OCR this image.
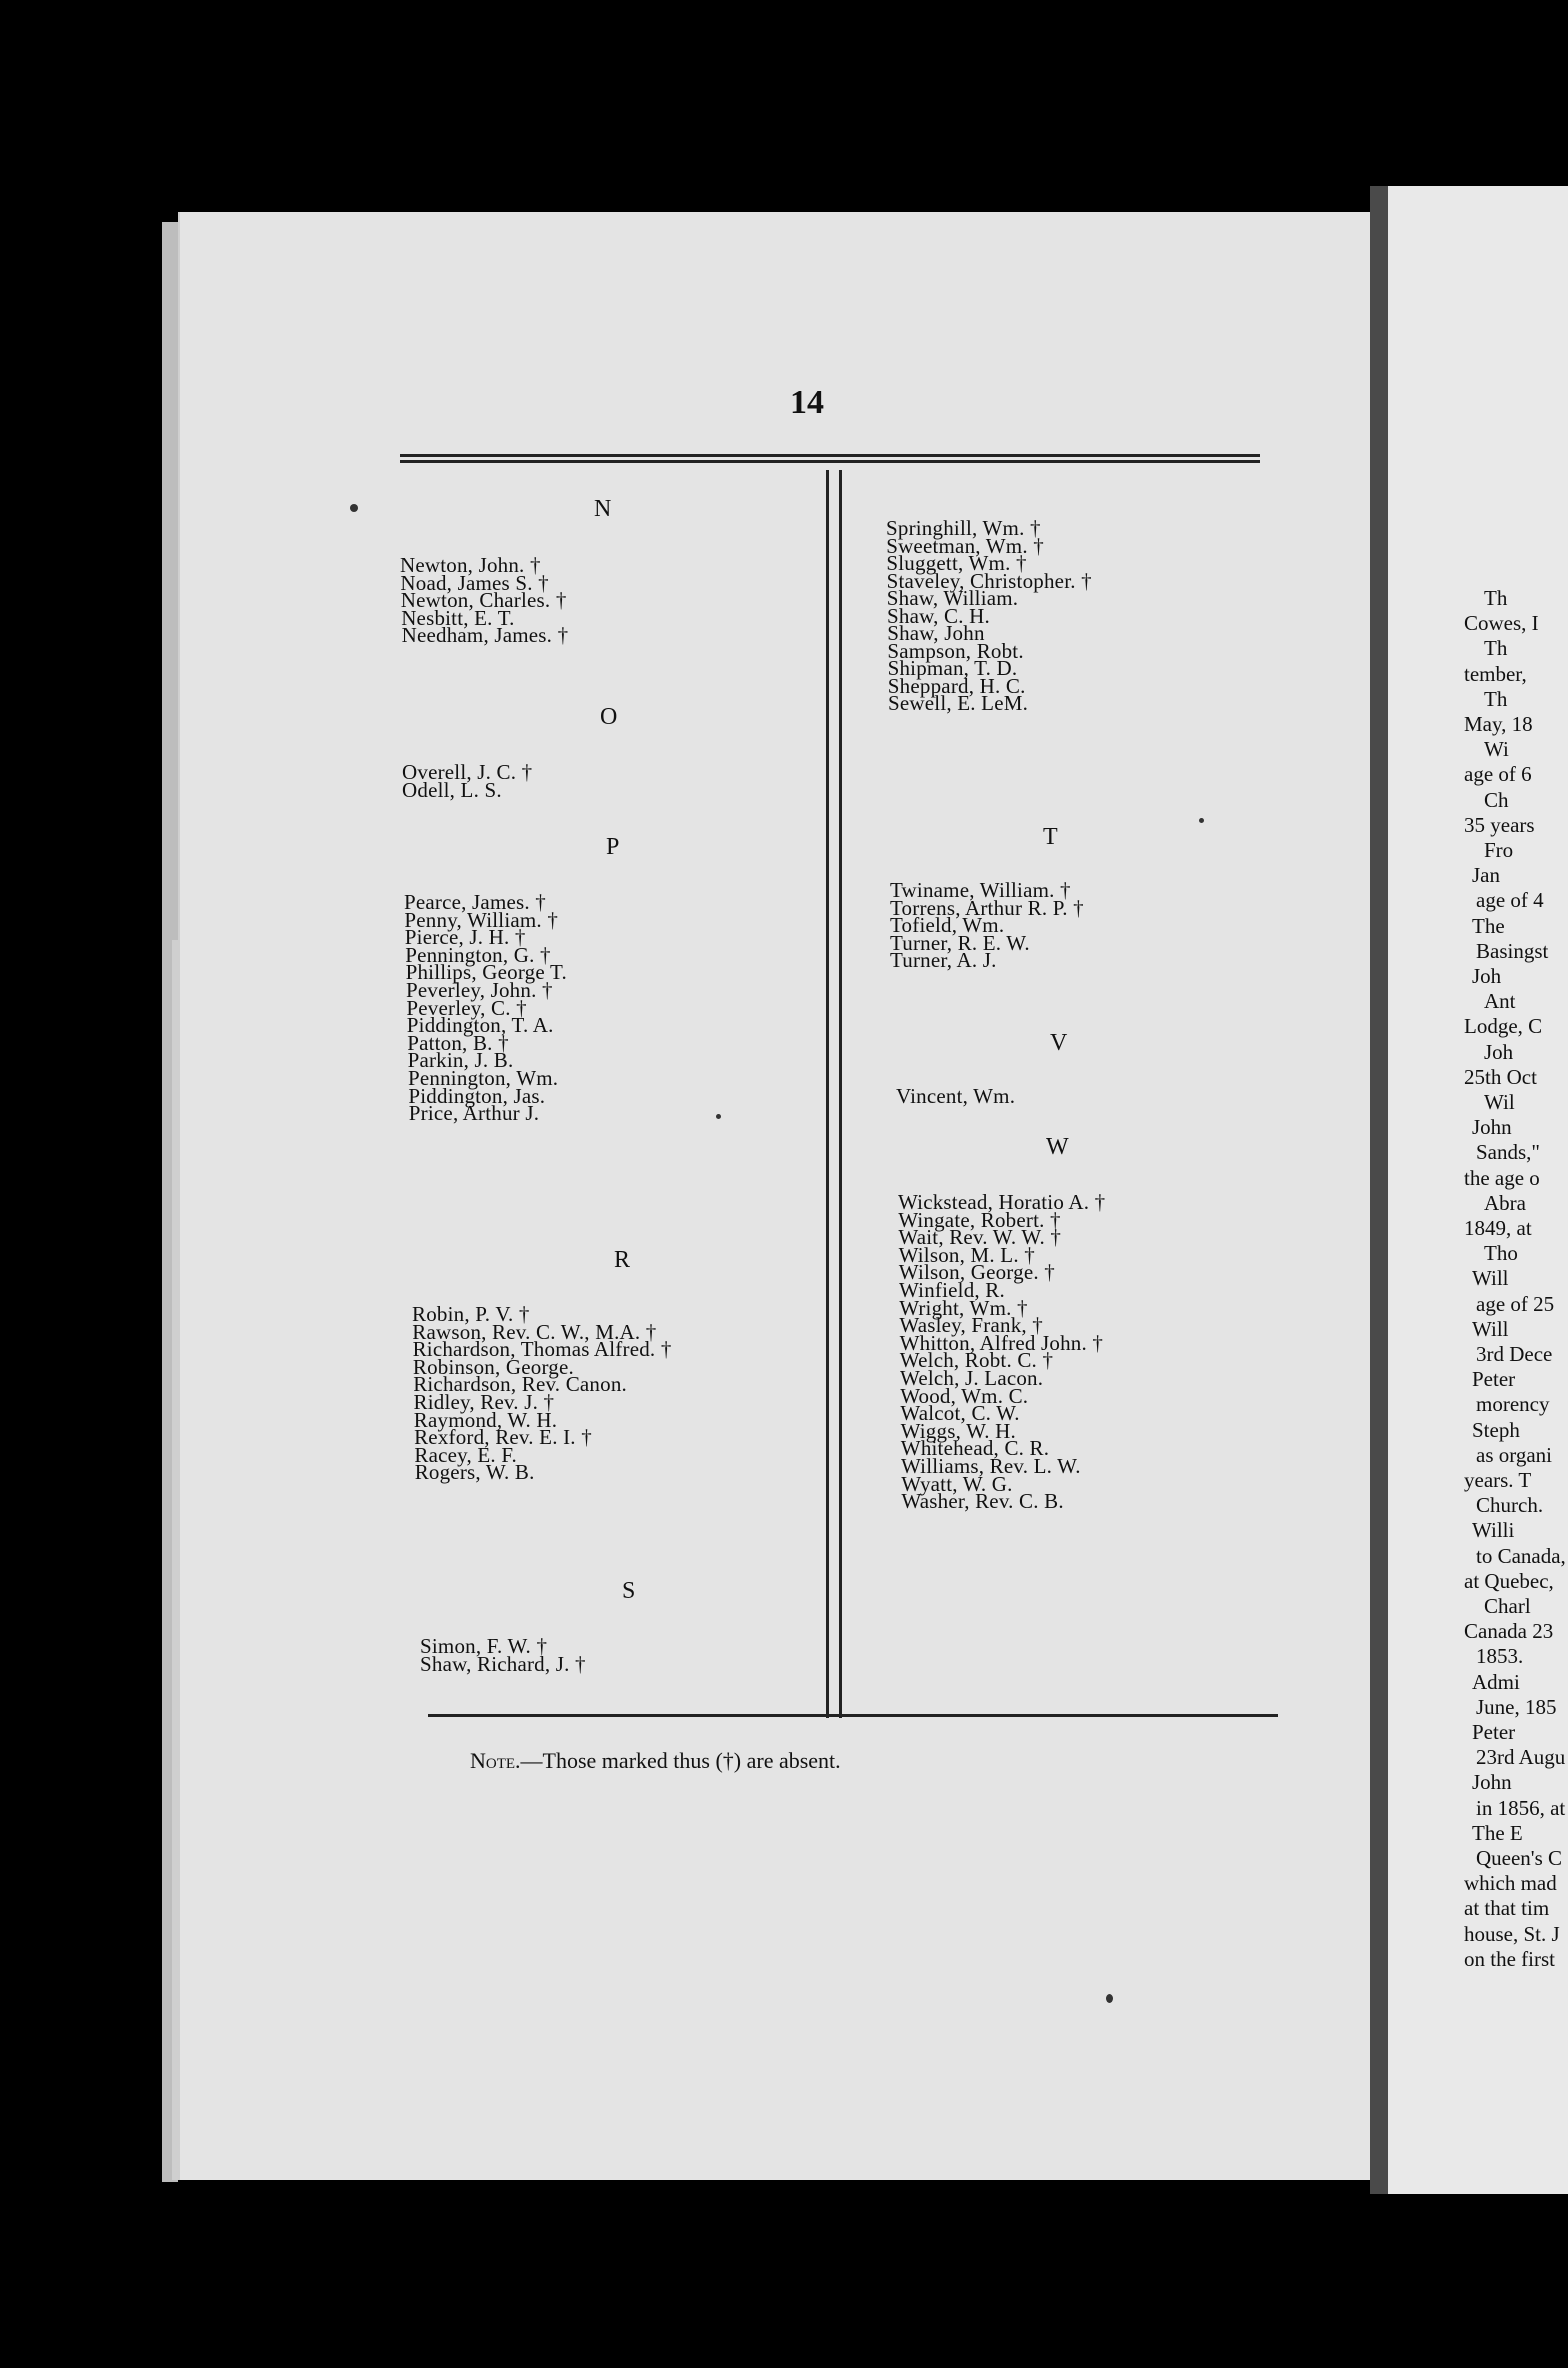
Th
Cowes, I
Th
tember,
Th
May, 18
Wi
age of 6
Ch
35 years
Fro
Jan
age of 4
The
Basingst
Joh
Ant
Lodge, C
Joh
25th Oct
Wil
John
Sands,"
the age o
Abra
1849, at
Tho
Will
age of 25
Will
3rd Dece
Peter
morency
Steph
as organi
years. T
Church.
Willi
to Canada,
at Quebec,
Charl
Canada 23
1853.
Admi
June, 185
Peter
23rd Augu
John
in 1856, at
The E
Queen's C
which mad
at that tim
house, St. J
on the first
14
N
Newton, John. †
Noad, James S. †
Newton, Charles. †
Nesbitt, E. T.
Needham, James. †
O
Overell, J. C. †
Odell, L. S.
P
Pearce, James. †
Penny, William. †
Pierce, J. H. †
Pennington, G. †
Phillips, George T.
Peverley, John. †
Peverley, C. †
Piddington, T. A.
Patton, B. †
Parkin, J. B.
Pennington, Wm.
Piddington, Jas.
Price, Arthur J.
R
Robin, P. V. †
Rawson, Rev. C. W., M.A. †
Richardson, Thomas Alfred. †
Robinson, George.
Richardson, Rev. Canon.
Ridley, Rev. J. †
Raymond, W. H.
Rexford, Rev. E. I. †
Racey, E. F.
Rogers, W. B.
S
Simon, F. W. †
Shaw, Richard, J. †
Springhill, Wm. †
Sweetman, Wm. †
Sluggett, Wm. †
Staveley, Christopher. †
Shaw, William.
Shaw, C. H.
Shaw, John
Sampson, Robt.
Shipman, T. D.
Sheppard, H. C.
Sewell, E. LeM.
T
Twiname, William. †
Torrens, Arthur R. P. †
Tofield, Wm.
Turner, R. E. W.
Turner, A. J.
V
Vincent, Wm.
W
Wickstead, Horatio A. †
Wingate, Robert. †
Wait, Rev. W. W. †
Wilson, M. L. †
Wilson, George. †
Winfield, R.
Wright, Wm. †
Wasley, Frank, †
Whitton, Alfred John. †
Welch, Robt. C. †
Welch, J. Lacon.
Wood, Wm. C.
Walcot, C. W.
Wiggs, W. H.
Whitehead, C. R.
Williams, Rev. L. W.
Wyatt, W. G.
Washer, Rev. C. B.
Note.—Those marked thus (†) are absent.
